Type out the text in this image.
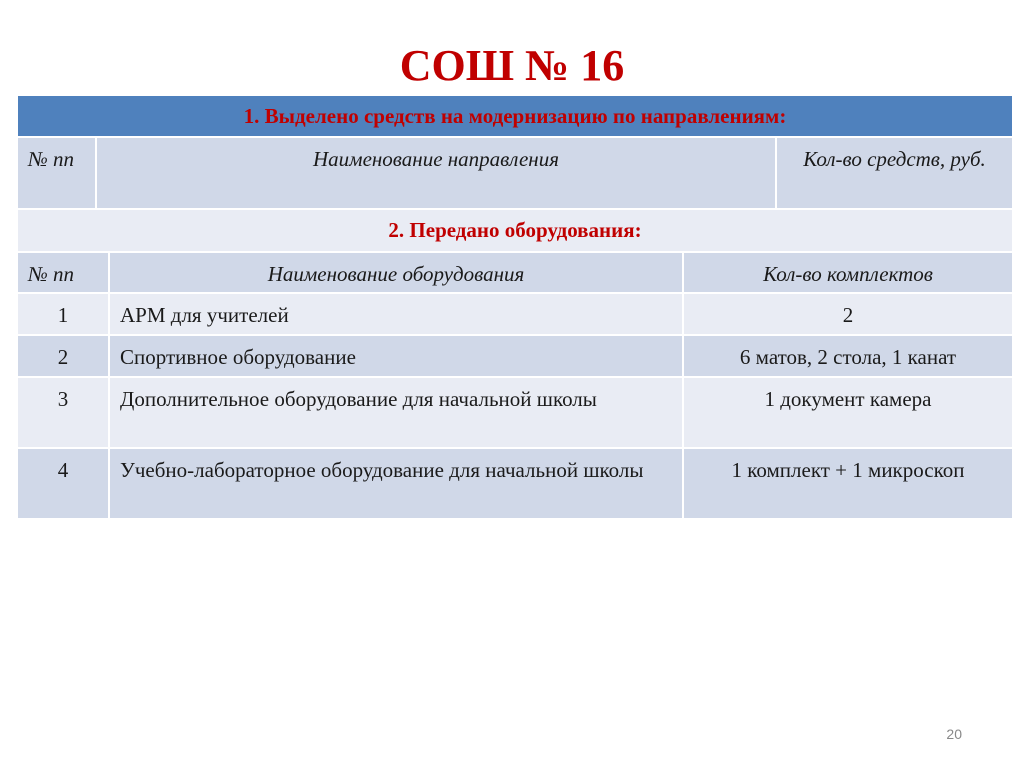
СОШ № 16
1. Выделено средств на модернизацию по направлениям:
№ пп	Наименование направления	Кол-во средств, руб.
2. Передано оборудования:
№ пп	Наименование оборудования	Кол-во комплектов
1	АРМ для учителей	2
2	Спортивное оборудование	6 матов, 2 стола, 1 канат
3	Дополнительное оборудование для начальной школы	1 документ камера
4	Учебно-лабораторное оборудование для начальной школы	1 комплект + 1 микроскоп
20
